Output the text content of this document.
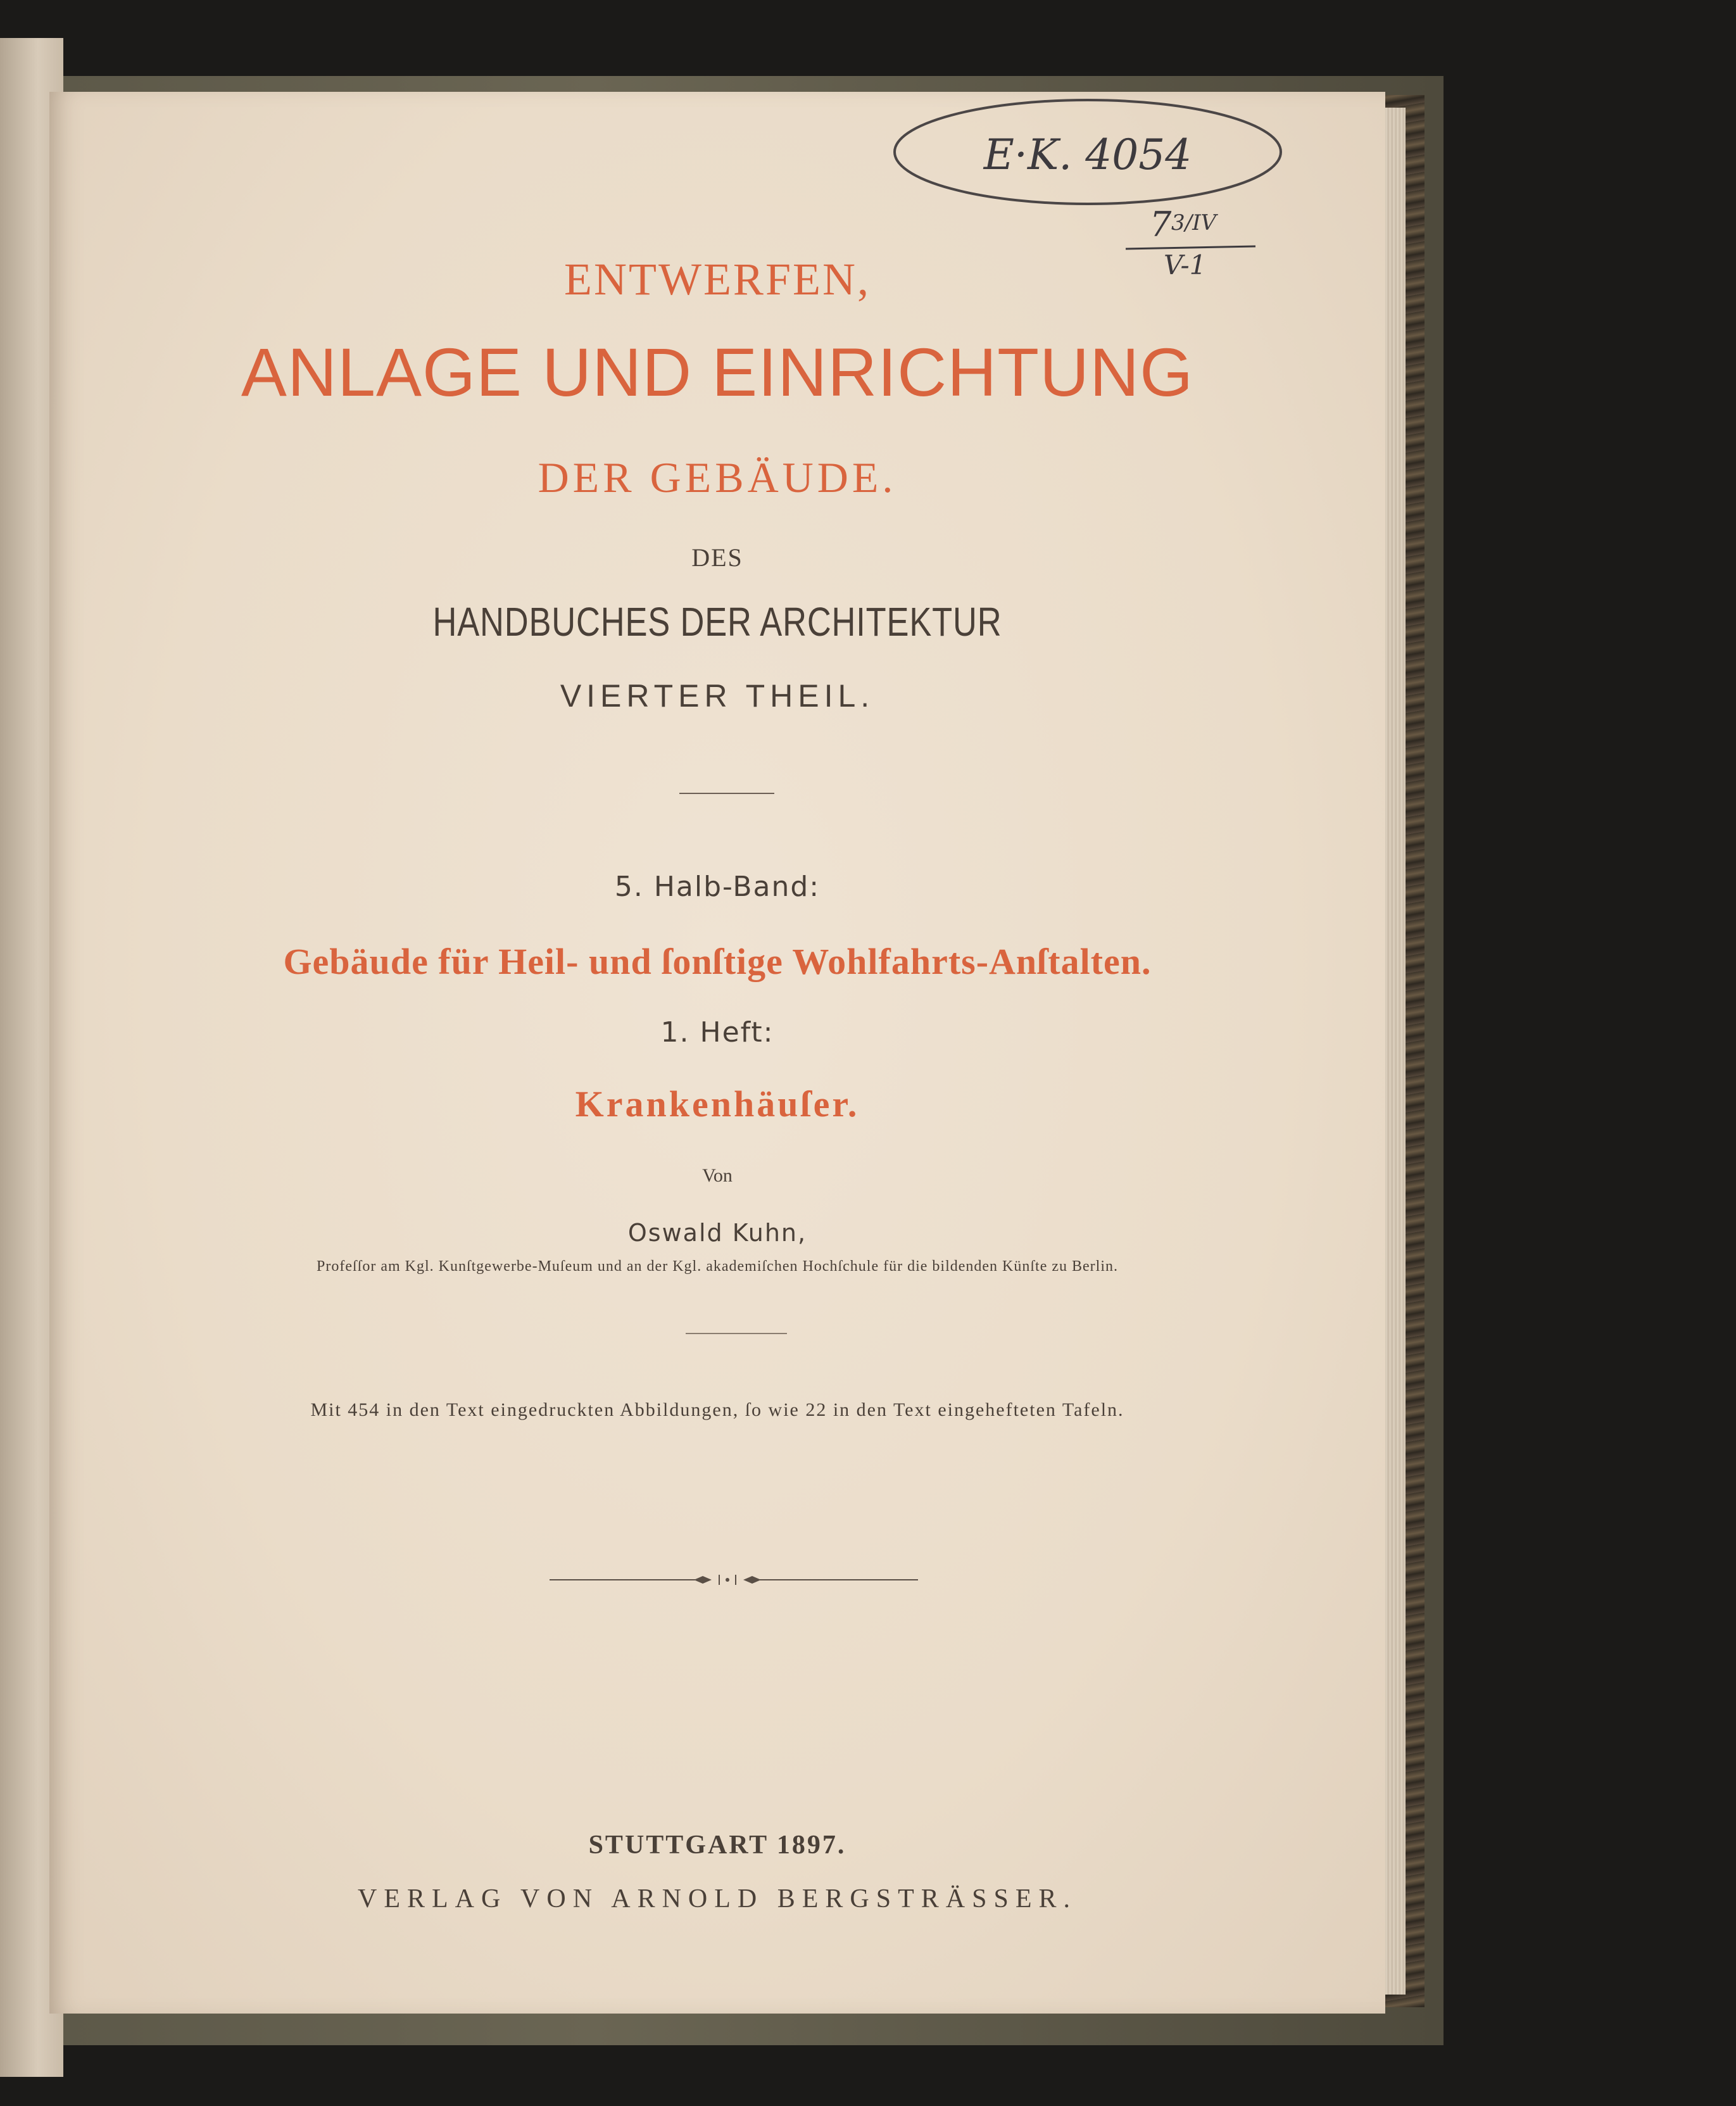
E·K. 4054
7 3/IV
V-1
ENTWERFEN,
ANLAGE UND EINRICHTUNG
DER GEBÄUDE.
DES
HANDBUCHES DER ARCHITEKTUR
VIERTER THEIL.
5. Halb-Band:
Gebäude für Heil- und ſonſtige Wohlfahrts-Anſtalten.
1. Heft:
Krankenhäuſer.
Von
Oswald Kuhn,
Profeſſor am Kgl. Kunſtgewerbe-Muſeum und an der Kgl. akademiſchen Hochſchule für die bildenden Künſte zu Berlin.
Mit 454 in den Text eingedruckten Abbildungen, ſo wie 22 in den Text eingehefteten Tafeln.
STUTTGART 1897.
VERLAG VON ARNOLD BERGSTRÄSSER.
